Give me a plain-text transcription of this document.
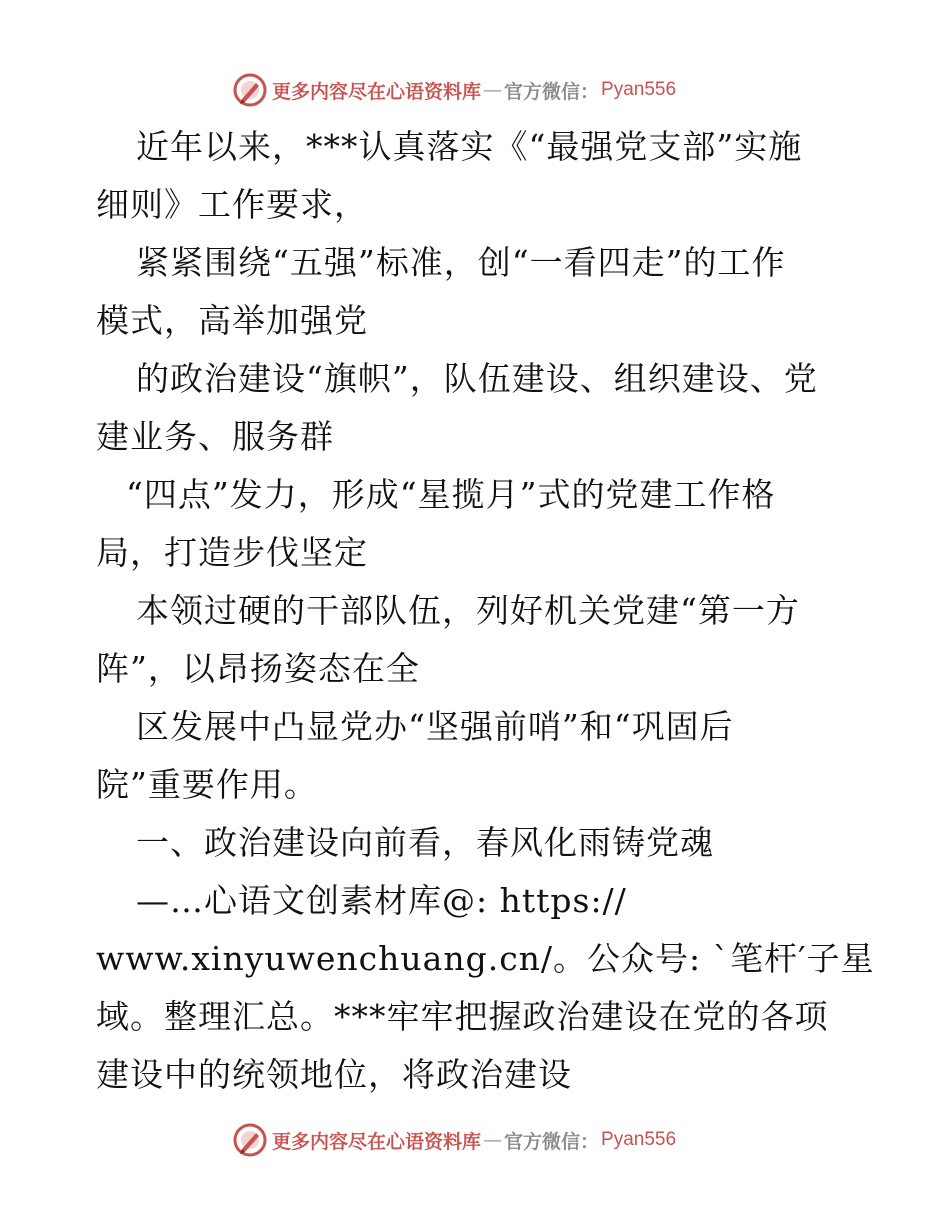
更多内容尽在心语资料库 — 官方微信： Pyan556
近年以来，***认真落实《“最强党支部”实施
细则》工作要求，
紧紧围绕“五强”标准，创“一看四走”的工作
模式，高举加强党
的政治建设“旗帜”，队伍建设、组织建设、党
建业务、服务群
“四点”发力，形成“星揽月”式的党建工作格
局，打造步伐坚定
本领过硬的干部队伍，列好机关党建“第一方
阵”，以昂扬姿态在全
区发展中凸显党办“坚强前哨”和“巩固后
院”重要作用。
一、政治建设向前看，春风化雨铸党魂
—…心语文创素材库@: https://
www.xinyuwenchuang.cn/。公众号: `笔杆′子星
域。整理汇总。***牢牢把握政治建设在党的各项
建设中的统领地位，将政治建设
更多内容尽在心语资料库 — 官方微信： Pyan556
